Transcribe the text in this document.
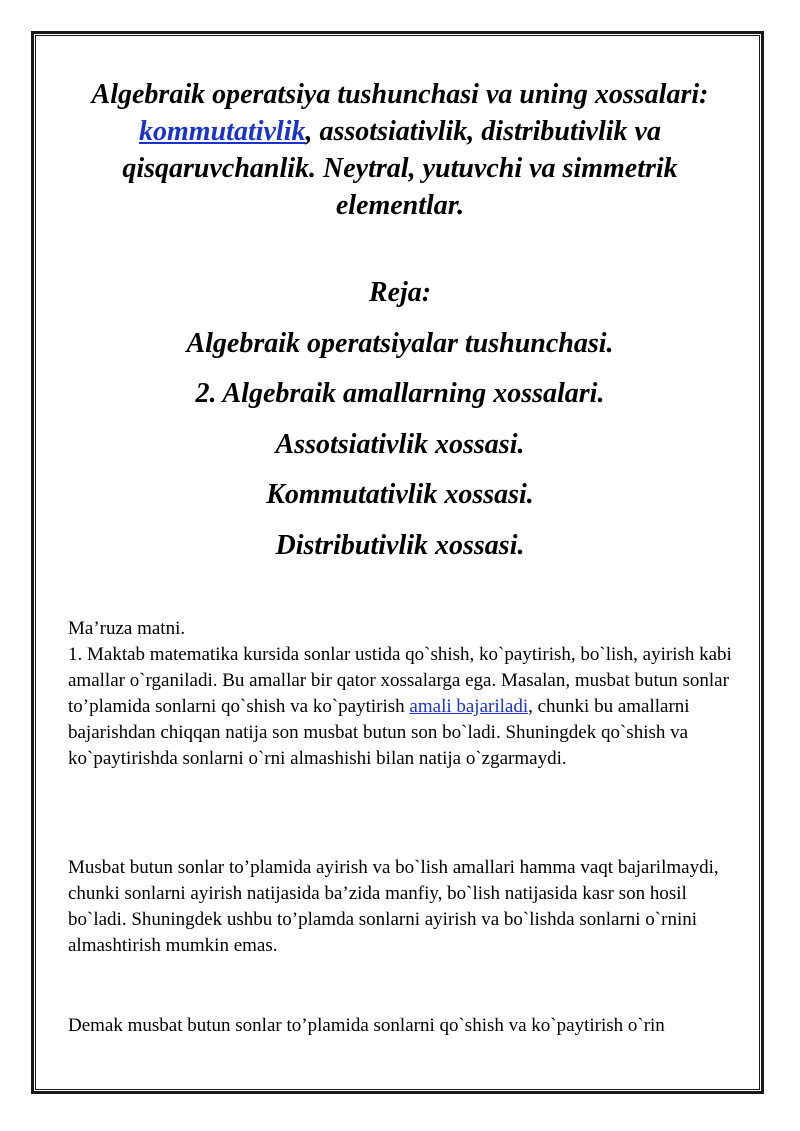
Algebraik operatsiya tushunchasi va uning xossalari: kommutativlik, assotsiativlik, distributivlik va qisqaruvchanlik. Neytral, yutuvchi va simmetrik elementlar.
Reja:
Algebraik operatsiyalar tushunchasi.
2. Algebraik amallarning xossalari.
Assotsiativlik xossasi.
Kommutativlik xossasi.
Distributivlik xossasi.

Ma’ruza matni.

1. Maktab matematika kursida sonlar ustida qo`shish, ko`paytirish, bo`lish, ayirish kabi amallar o`rganiladi. Bu amallar bir qator xossalarga ega. Masalan, musbat butun sonlar to’plamida sonlarni qo`shish va ko`paytirish amali bajariladi, chunki bu amallarni bajarishdan chiqqan natija son musbat butun son bo`ladi. Shuningdek qo`shish va ko`paytirishda sonlarni o`rni almashishi bilan natija o`zgarmaydi.

Musbat butun sonlar to’plamida ayirish va bo`lish amallari hamma vaqt bajarilmaydi, chunki sonlarni ayirish natijasida ba’zida manfiy, bo`lish natijasida kasr son hosil bo`ladi. Shuningdek ushbu to’plamda sonlarni ayirish va bo`lishda sonlarni o`rnini almashtirish mumkin emas.

Demak musbat butun sonlar to’plamida sonlarni qo`shish va ko`paytirish o`rin
